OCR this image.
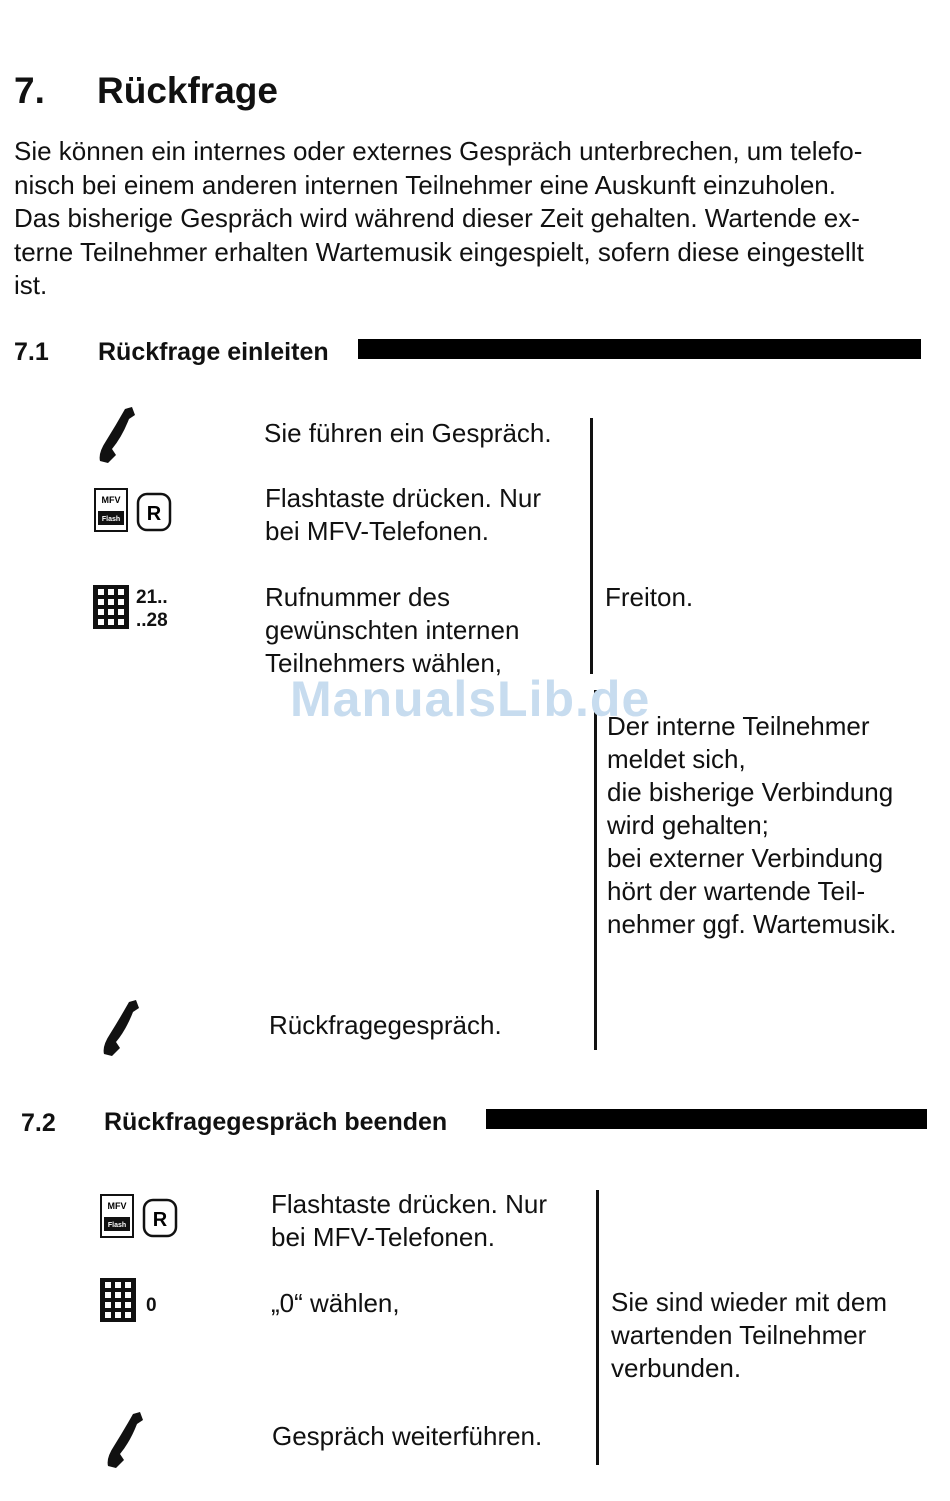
7. Rückfrage
Sie können ein internes oder externes Gespräch unterbrechen, um telefo-
nisch bei einem anderen internen Teilnehmer eine Auskunft einzuholen.
Das bisherige Gespräch wird während dieser Zeit gehalten. Wartende ex-
terne Teilnehmer erhalten Wartemusik eingespielt, sofern diese eingestellt
ist.
7.1 Rückfrage einleiten
Sie führen ein Gespräch.
MFV
Flash R
Flashtaste drücken. Nur
bei MFV-Telefonen.
21..
..28
Rufnummer des
gewünschten internen
Teilnehmers wählen,
Freiton.
Der interne Teilnehmer
meldet sich,
die bisherige Verbindung
wird gehalten;
bei externer Verbindung
hört der wartende Teil-
nehmer ggf. Wartemusik.
Rückfragegespräch.
7.2 Rückfragegespräch beenden
MFV
Flash R
Flashtaste drücken. Nur
bei MFV-Telefonen.
0	„0“ wählen,	Sie sind wieder mit dem
wartenden Teilnehmer
verbunden.
Gespräch weiterführen.
ManualsLib.de
